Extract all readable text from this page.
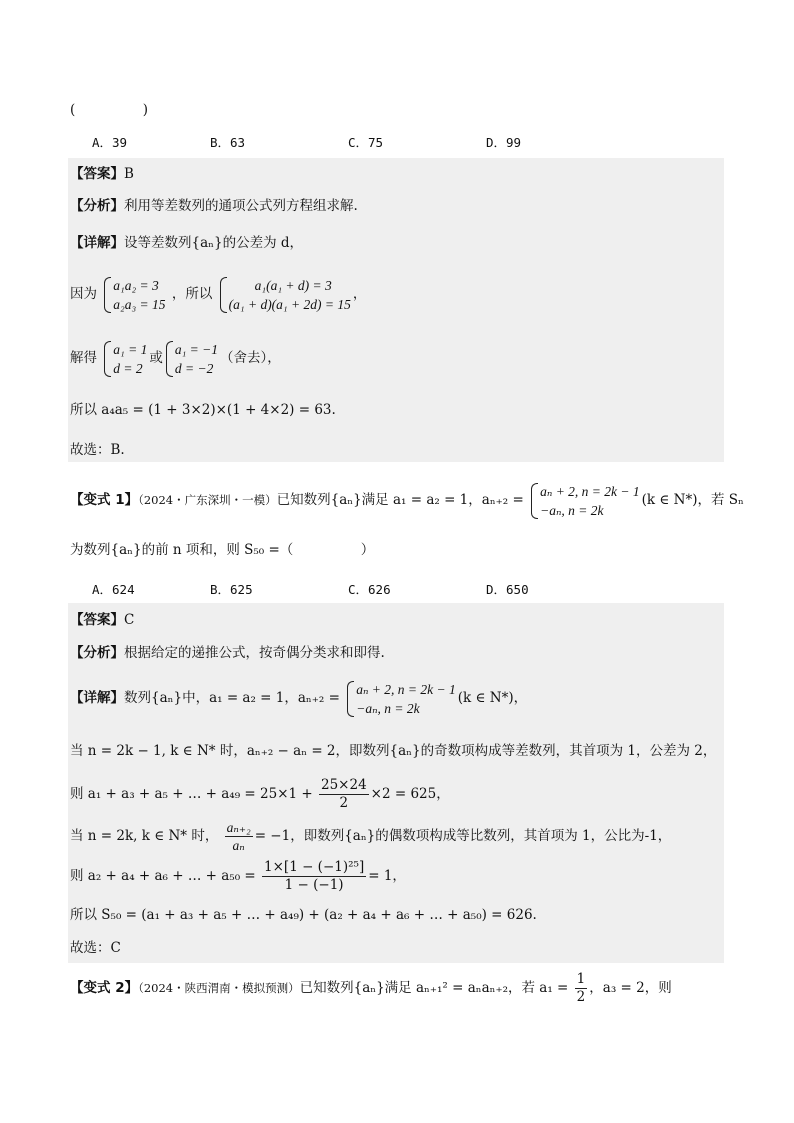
(　　　　　)
A．39	B．63	C．75	D．99
【答案】B
【分析】利用等差数列的通项公式列方程组求解.
【详解】设等差数列{aₙ}的公差为 d，
因为
a₁a₂ = 3
a₂a₃ = 15
，所以
a₁(a₁ + d) = 3
(a₁ + d)(a₁ + 2d) = 15
，
解得
a₁ = 1
d = 2
或
a₁ = −1
d = −2
（舍去），
所以 a₄a₅ = (1 + 3×2)×(1 + 4×2) = 63.
故选：B.
【变式 1】（2024・广东深圳・一模）已知数列{aₙ}满足 a₁ = a₂ = 1，aₙ₊₂ =
aₙ + 2, n = 2k − 1
−aₙ, n = 2k
(k ∈ N*)，若 Sₙ
为数列{aₙ}的前 n 项和，则 S₅₀ =（　　　　　）
A．624	B．625	C．626	D．650
【答案】C
【分析】根据给定的递推公式，按奇偶分类求和即得.
【详解】数列{aₙ}中，a₁ = a₂ = 1，aₙ₊₂ =
aₙ + 2, n = 2k − 1
−aₙ, n = 2k
(k ∈ N*)，
当 n = 2k − 1, k ∈ N* 时，aₙ₊₂ − aₙ = 2，即数列{aₙ}的奇数项构成等差数列，其首项为 1，公差为 2，
则 a₁ + a₃ + a₅ + … + $a_{49} = 25\times 1 + \frac{25\times 24}{2} \times 2 = 625$，
当 n = 2k, k ∈ N* 时， $\frac{\text{aₙ₊₂}}{\text{aₙ}} = -1$，即数列{aₙ}的偶数项构成等比数列，其首项为 1，公比为-1，
则 a₂ + a₄ + a₆ + … + $a_{50} = \frac{\text{1×[1 − (−1)²⁵]}}{1 - (-1)} = 1$，
所以 S₅₀ = (a₁ + a₃ + a₅ + … + a₄₉) + (a₂ + a₄ + a₆ + … + a₅₀) = 626.
故选：C
【变式 2】（2024・陕西渭南・模拟预测）已知数列{aₙ}满足 aₙ₊₁² = aₙaₙ₊₂，若 $a_1 = \frac{1}{2}$ ，a₃ = 2，则
